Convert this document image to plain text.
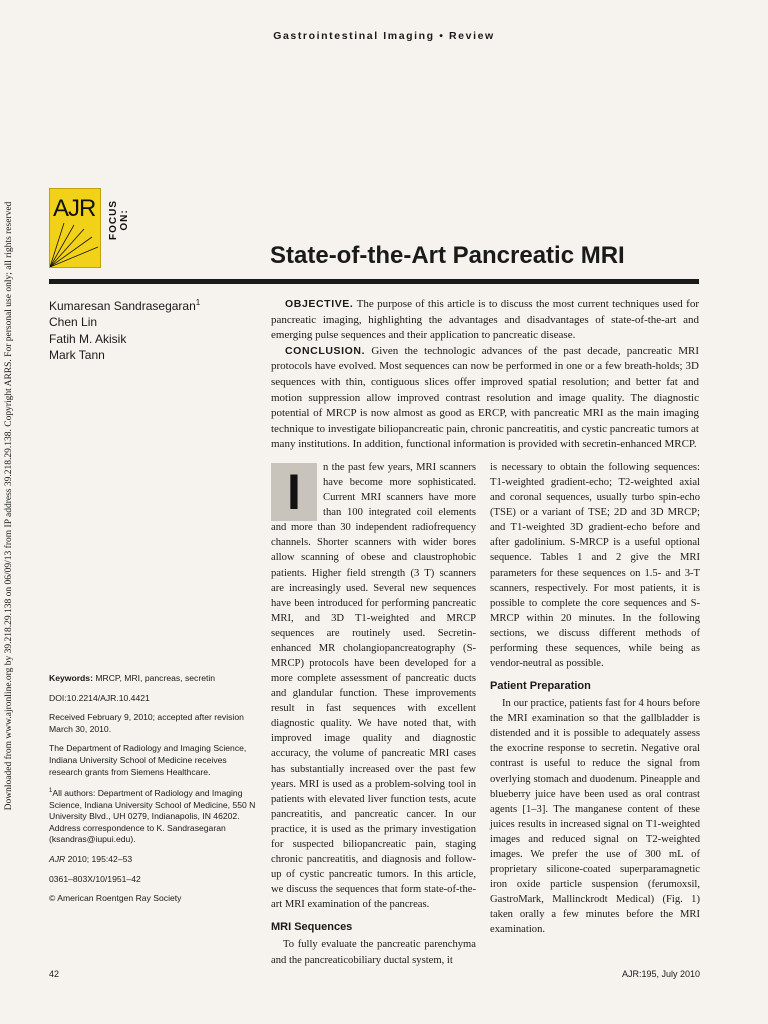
Gastrointestinal Imaging • Review
Downloaded from www.ajronline.org by 39.218.29.138 on 06/09/13 from IP address 39.218.29.138. Copyright ARRS. For personal use only; all rights reserved AJR FOCUS ON:
State-of-the-Art Pancreatic MRI
Kumaresan Sandrasegaran$^1$
Chen Lin
Fatih M. Akisik
Mark Tann

OBJECTIVE. The purpose of this article is to discuss the most current techniques used for pancreatic imaging, highlighting the advantages and disadvantages of state-of-the-art and emerging pulse sequences and their application to pancreatic disease.

CONCLUSION. Given the technologic advances of the past decade, pancreatic MRI protocols have evolved. Most sequences can now be performed in one or a few breath-holds; 3D sequences with thin, contiguous slices offer improved spatial resolution; and better fat and motion suppression allow improved contrast resolution and image quality. The diagnostic potential of MRCP is now almost as good as ERCP, with pancreatic MRI as the main imaging technique to investigate biliopancreatic pain, chronic pancreatitis, and cystic pancreatic tumors at many institutions. In addition, functional information is provided with secretin-enhanced MRCP.

n the past few years, MRI scanners have become more sophisticated. Current MRI scanners have more than 100 integrated coil elements and more than 30 independent radiofrequency channels. Shorter scanners with wider bores allow scanning of obese and claustrophobic patients. Higher field strength (3 T) scanners are increasingly used. Several new sequences have been introduced for performing pancreatic MRI, and 3D T1-weighted and MRCP sequences are routinely used. Secretin-enhanced MR cholangiopancreatography (S-MRCP) protocols have been developed for a more complete assessment of pancreatic ducts and glandular function. These improvements result in fast sequences with excellent diagnostic quality. We have noted that, with improved image quality and diagnostic accuracy, the volume of pancreatic MRI cases has substantially increased over the past few years. MRI is used as a problem-solving tool in patients with elevated liver function tests, acute pancreatitis, and pancreatic cancer. In our practice, it is used as the primary investigation for suspected biliopancreatic pain, staging chronic pancreatitis, and diagnosis and follow-up of cystic pancreatic tumors. In this article, we discuss the sequences that form state-of-the-art MRI examination of the pancreas.

MRI Sequences

To fully evaluate the pancreatic parenchyma and the pancreaticobiliary ductal system, it

I	is necessary to obtain the following sequences: T1-weighted gradient-echo; T2-weighted axial and coronal sequences, usually turbo spin-echo (TSE) or a variant of TSE; 2D and 3D MRCP; and T1-weighted 3D gradient-echo before and after gadolinium. S-MRCP is a useful optional sequence. Tables 1 and 2 give the MRI parameters for these sequences on 1.5- and 3-T scanners, respectively. For most patients, it is possible to complete the core sequences and S-MRCP within 20 minutes. In the following sections, we discuss different methods of performing these sequences, while being as vendor-neutral as possible.

Patient Preparation

In our practice, patients fast for 4 hours before the MRI examination so that the gallbladder is distended and it is possible to adequately assess the exocrine response to secretin. Negative oral contrast is useful to reduce the signal from overlying stomach and duodenum. Pineapple and blueberry juice have been used as oral contrast agents [1–3]. The manganese content of these juices results in increased signal on T1-weighted images and reduced signal on T2-weighted images. We prefer the use of 300 mL of proprietary silicone-coated superparamagnetic iron oxide particle suspension (ferumoxsil, GastroMark, Mallinckrodt Medical) (Fig. 1) taken orally a few minutes before the MRI examination.

Keywords: MRCP, MRI, pancreas, secretin

DOI:10.2214/AJR.10.4421

Received February 9, 2010; accepted after revision March 30, 2010.

The Department of Radiology and Imaging Science, Indiana University School of Medicine receives research grants from Siemens Healthcare.

$^1$All authors: Department of Radiology and Imaging Science, Indiana University School of Medicine, 550 N University Blvd., UH 0279, Indianapolis, IN 46202. Address correspondence to K. Sandrasegaran (ksandras@iupui.edu).

AJR 2010; 195:42–53

0361–803X/10/1951–42

© American Roentgen Ray Society

42	AJR:195, July 2010
